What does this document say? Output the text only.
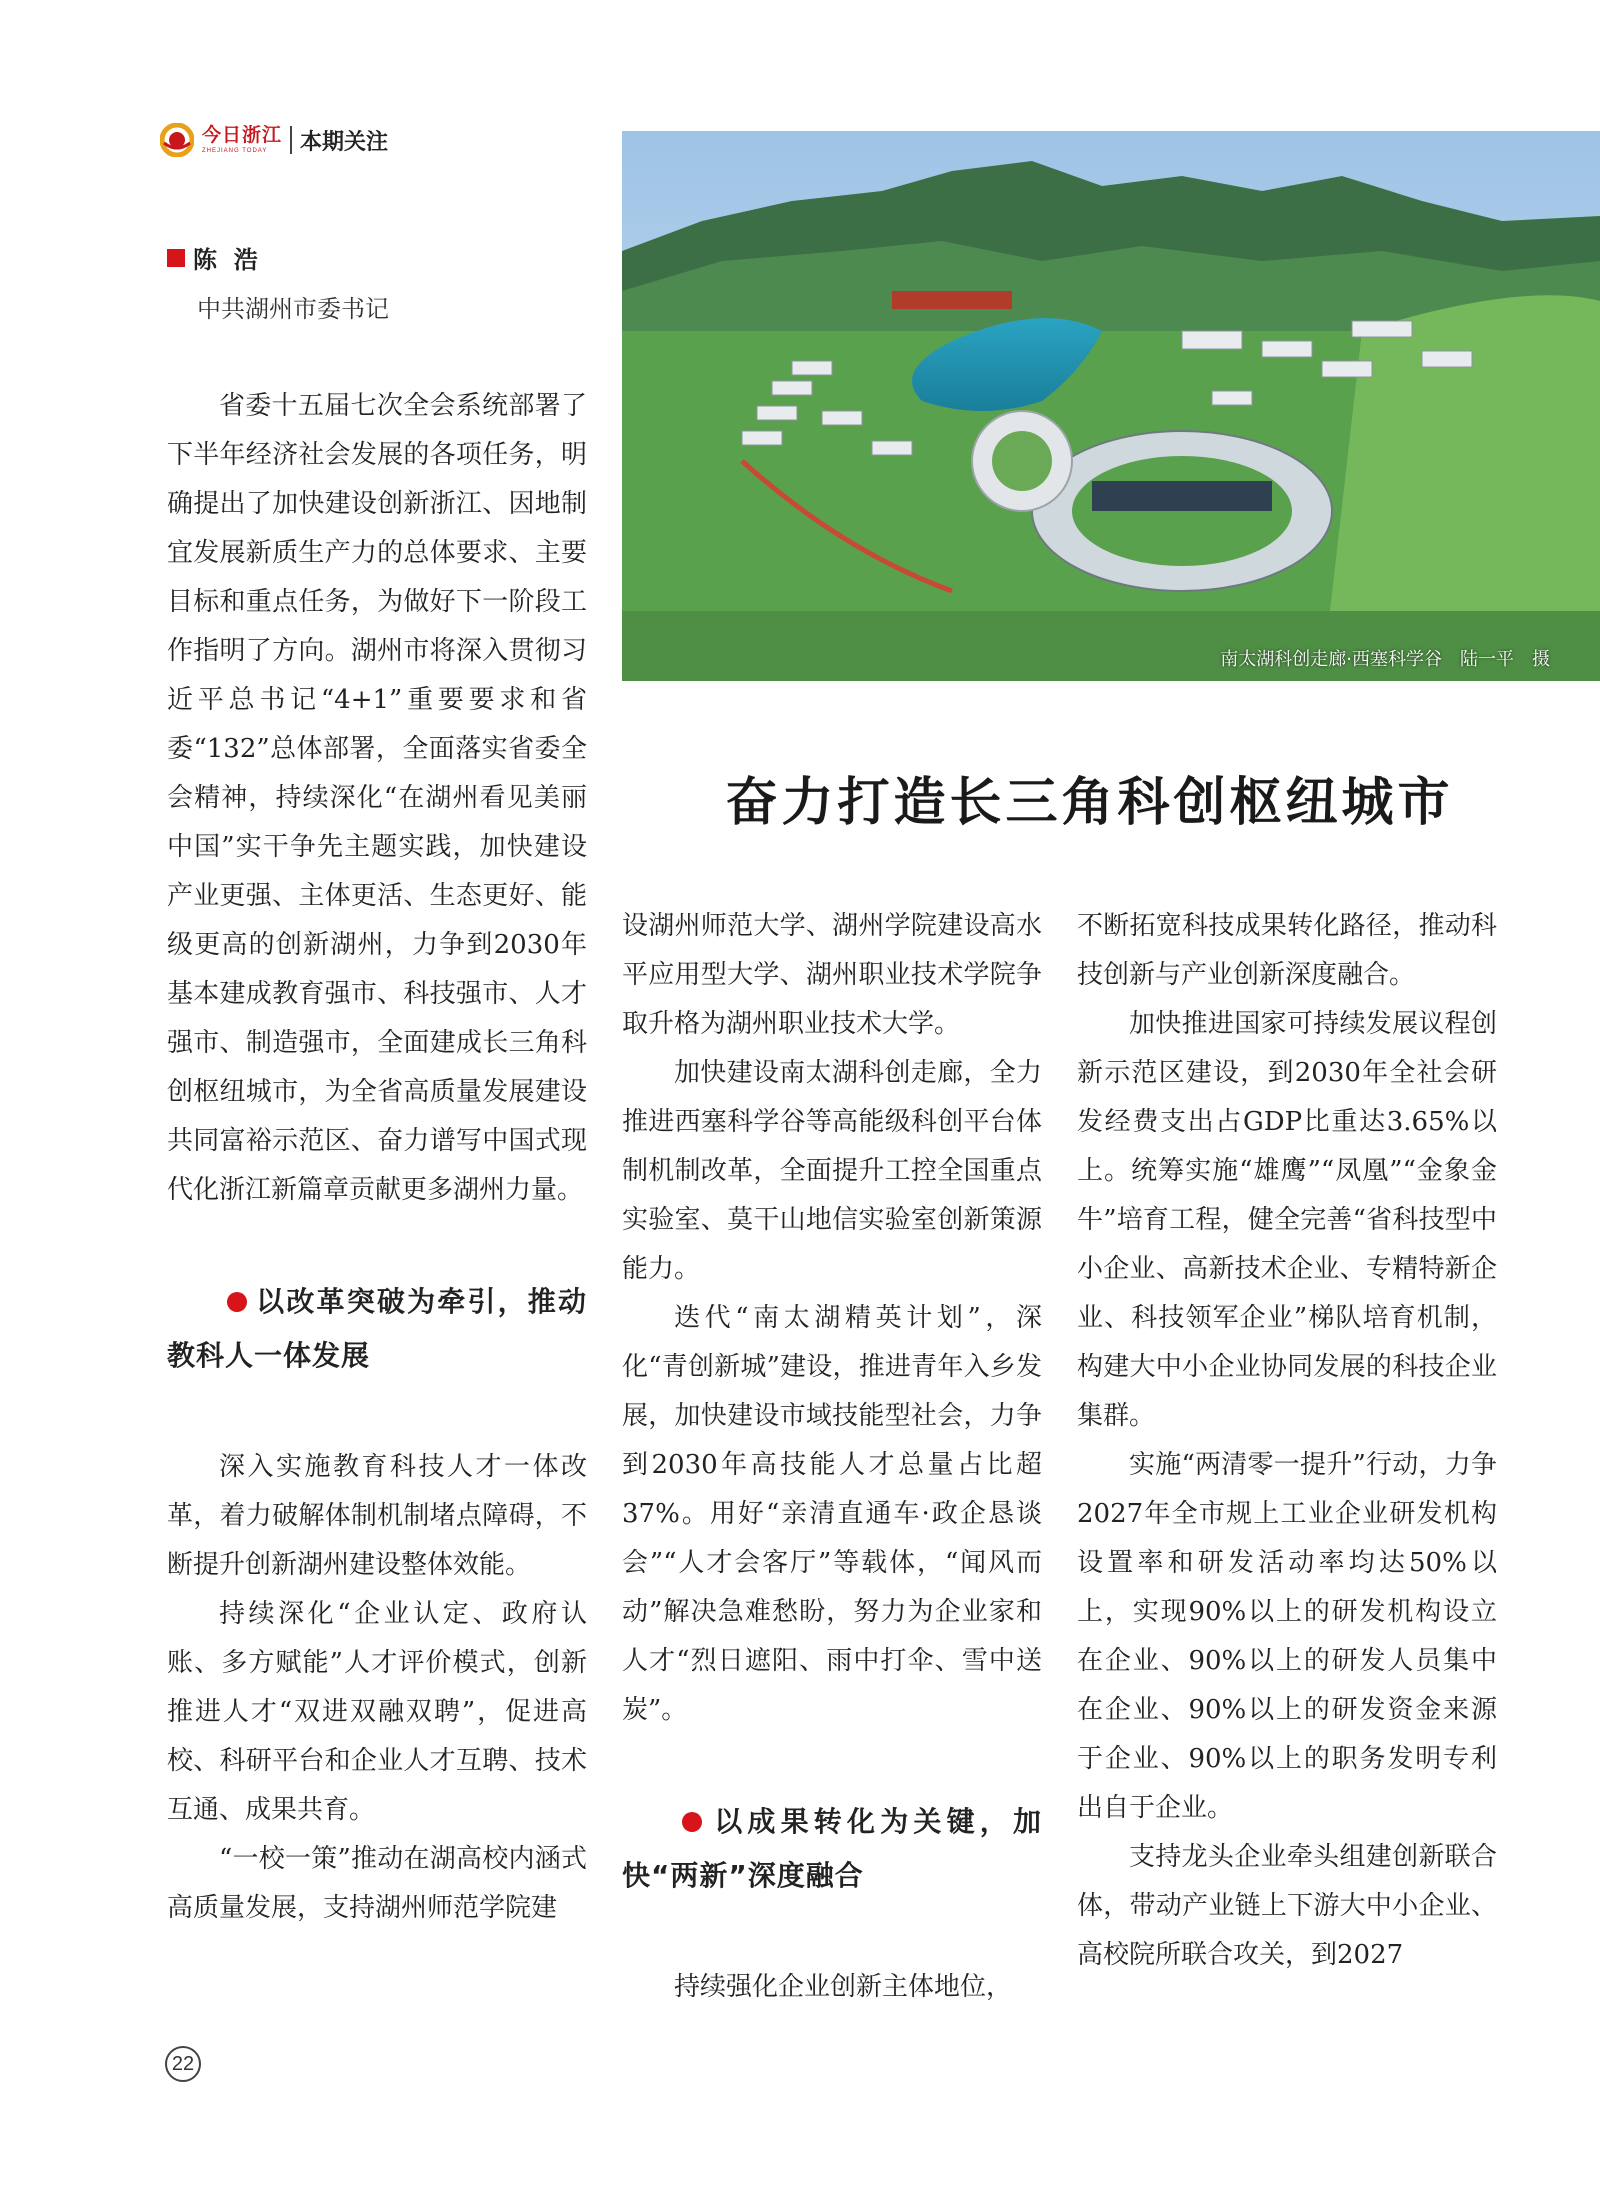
今日浙江
ZHEJIANG TODAY	本期关注
陈  浩
中共湖州市委书记
南太湖科创走廊·西塞科学谷　陆一平　摄
奋力打造长三角科创枢纽城市

省委十五届七次全会系统部署了下半年经济社会发展的各项任务，明确提出了加快建设创新浙江、因地制宜发展新质生产力的总体要求、主要目标和重点任务，为做好下一阶段工作指明了方向。湖州市将深入贯彻习近平总书记“4+1”重要要求和省委“132”总体部署，全面落实省委全会精神，持续深化“在湖州看见美丽中国”实干争先主题实践，加快建设产业更强、主体更活、生态更好、能级更高的创新湖州，力争到2030年基本建成教育强市、科技强市、人才强市、制造强市，全面建成长三角科创枢纽城市，为全省高质量发展建设共同富裕示范区、奋力谱写中国式现代化浙江新篇章贡献更多湖州力量。

以改革突破为牵引，推动教科人一体发展

深入实施教育科技人才一体改革，着力破解体制机制堵点障碍，不断提升创新湖州建设整体效能。

持续深化“企业认定、政府认账、多方赋能”人才评价模式，创新推进人才“双进双融双聘”，促进高校、科研平台和企业人才互聘、技术互通、成果共育。

“一校一策”推动在湖高校内涵式高质量发展，支持湖州师范学院建

设湖州师范大学、湖州学院建设高水平应用型大学、湖州职业技术学院争取升格为湖州职业技术大学。

加快建设南太湖科创走廊，全力推进西塞科学谷等高能级科创平台体制机制改革，全面提升工控全国重点实验室、莫干山地信实验室创新策源能力。

迭代“南太湖精英计划”，深化“青创新城”建设，推进青年入乡发展，加快建设市域技能型社会，力争到2030年高技能人才总量占比超37%。用好“亲清直通车·政企恳谈会”“人才会客厅”等载体，“闻风而动”解决急难愁盼，努力为企业家和人才“烈日遮阳、雨中打伞、雪中送炭”。

以成果转化为关键，加快“两新”深度融合

持续强化企业创新主体地位，

不断拓宽科技成果转化路径，推动科技创新与产业创新深度融合。

加快推进国家可持续发展议程创新示范区建设，到2030年全社会研发经费支出占GDP比重达3.65%以上。统筹实施“雄鹰”“凤凰”“金象金牛”培育工程，健全完善“省科技型中小企业、高新技术企业、专精特新企业、科技领军企业”梯队培育机制，构建大中小企业协同发展的科技企业集群。

实施“两清零一提升”行动，力争2027年全市规上工业企业研发机构设置率和研发活动率均达50%以上，实现90%以上的研发机构设立在企业、90%以上的研发人员集中在企业、90%以上的研发资金来源于企业、90%以上的职务发明专利出自于企业。

支持龙头企业牵头组建创新联合体，带动产业链上下游大中小企业、高校院所联合攻关，到2027

22
